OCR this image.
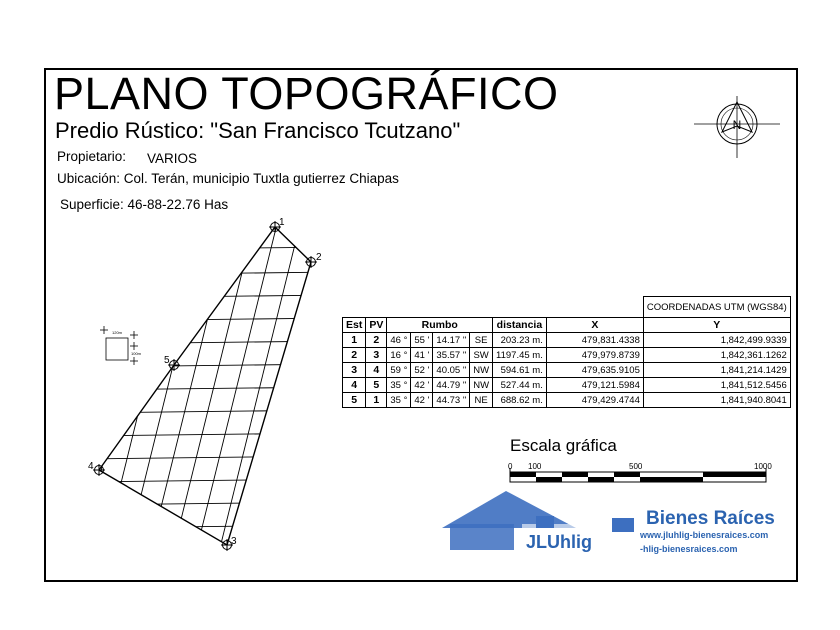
PLANO TOPOGRÁFICO
Predio Rústico: "San Francisco Tcutzano"
Propietario: VARIOS
Ubicación: Col. Terán, municipio Tuxtla gutierrez Chiapas
Superficie: 46-88-22.76 Has
N
1
2
3
4
5
120m
100m
								COORDENADAS UTM (WGS84)
Est	PV	Rumbo				distancia	X	Y
1	2	46 °	55 '	14.17 "	SE	203.23 m.	479,831.4338	1,842,499.9339
2	3	16 °	41 '	35.57 "	SW	1197.45 m.	479,979.8739	1,842,361.1262
3	4	59 °	52 '	40.05 "	NW	594.61 m.	479,635.9105	1,841,214.1429
4	5	35 °	42 '	44.79 "	NW	527.44 m.	479,121.5984	1,841,512.5456
5	1	35 °	42 '	44.73 "	NE	688.62 m.	479,429.4744	1,841,940.8041
Escala gráfica
0 100	500	1000
JLUhlig
Bienes Raíces
www.jluhlig-bienesraices.com
-hlig-bienesraices.com
